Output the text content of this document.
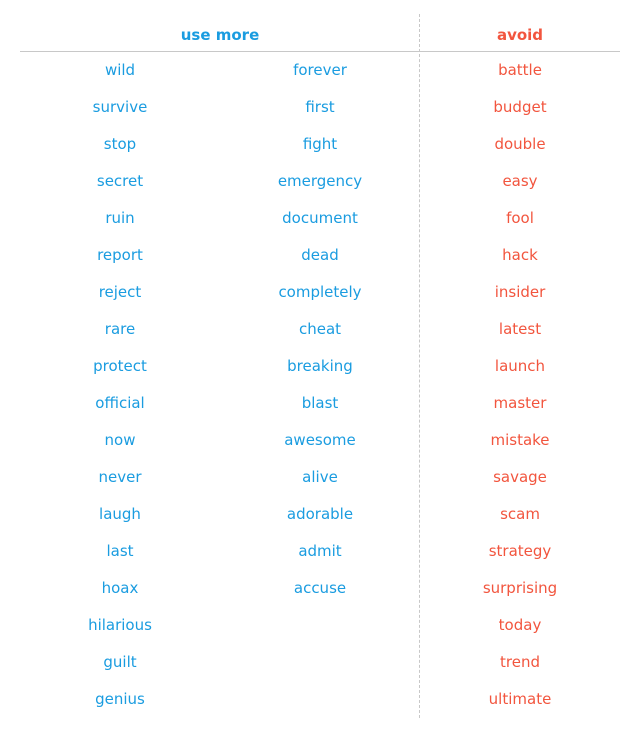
use more	avoid
wild
survive
stop
secret
ruin
report
reject
rare
protect
official
now
never
laugh
last
hoax
hilarious
guilt
genius
forever
first
fight
emergency
document
dead
completely
cheat
breaking
blast
awesome
alive
adorable
admit
accuse
battle
budget
double
easy
fool
hack
insider
latest
launch
master
mistake
savage
scam
strategy
surprising
today
trend
ultimate
